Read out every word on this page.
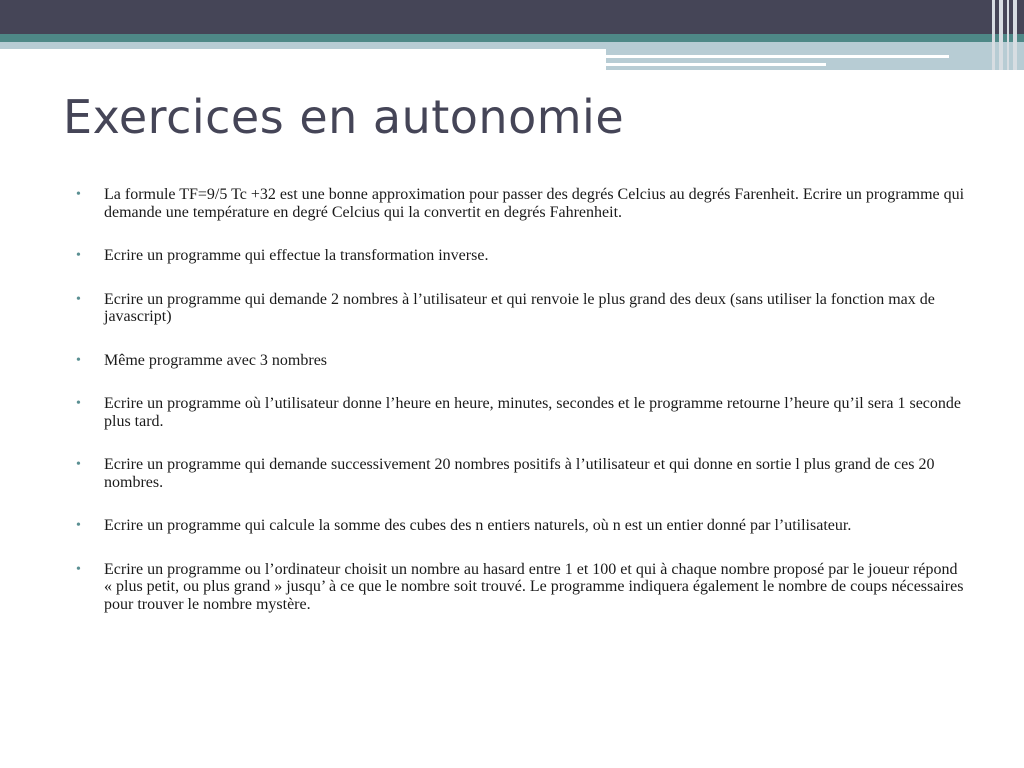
Exercices en autonomie
• La formule TF=9/5 Tc +32 est une bonne approximation pour passer des degrés Celcius au degrés Farenheit. Ecrire un programme qui demande une température en degré Celcius qui la convertit en degrés Fahrenheit.
• Ecrire un programme qui effectue la transformation inverse.
• Ecrire un programme qui demande 2 nombres à l’utilisateur et qui renvoie le plus grand des deux (sans utiliser la fonction max de javascript)
• Même programme avec 3 nombres
• Ecrire un programme où l’utilisateur donne l’heure en heure, minutes, secondes et le programme retourne l’heure qu’il sera 1 seconde plus tard.
• Ecrire un programme qui demande successivement 20 nombres positifs à l’utilisateur et qui donne en sortie l plus grand de ces 20 nombres.
• Ecrire un programme qui calcule la somme des cubes des n entiers naturels, où n est un entier donné par l’utilisateur.
• Ecrire un programme ou l’ordinateur choisit un nombre au hasard entre 1 et 100 et qui à chaque nombre proposé par le joueur répond « plus petit, ou plus grand » jusqu’ à ce que le nombre soit trouvé. Le programme indiquera également le nombre de coups nécessaires pour trouver le nombre mystère.
